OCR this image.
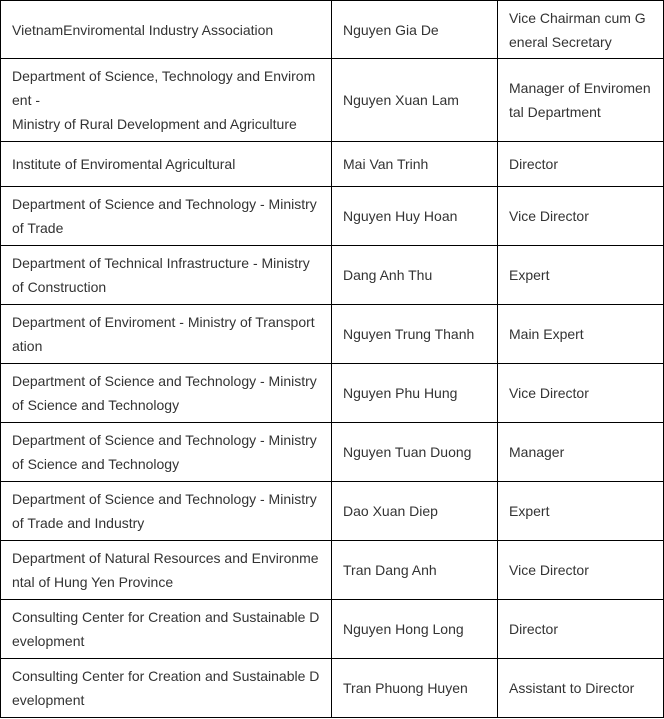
VietnamEnviromental Industry Association	Nguyen Gia De	Vice Chairman cum General Secretary
Department of Science, Technology and Enviroment -
Ministry of Rural Development and Agriculture	Nguyen Xuan Lam	Manager of Enviromental Department
Institute of Enviromental Agricultural	Mai Van Trinh	Director
Department of Science and Technology - Ministry of Trade	Nguyen Huy Hoan	Vice Director
Department of Technical Infrastructure - Ministry of Construction	Dang Anh Thu	Expert
Department of Enviroment - Ministry of Transportation	Nguyen Trung Thanh	Main Expert
Department of Science and Technology - Ministry of Science and Technology	Nguyen Phu Hung	Vice Director
Department of Science and Technology - Ministry of Science and Technology	Nguyen Tuan Duong	Manager
Department of Science and Technology - Ministry of Trade and Industry	Dao Xuan Diep	Expert
Department of Natural Resources and Environmental of Hung Yen Province	Tran Dang Anh	Vice Director
Consulting Center for Creation and Sustainable Development	Nguyen Hong Long	Director
Consulting Center for Creation and Sustainable Development	Tran Phuong Huyen	Assistant to Director
